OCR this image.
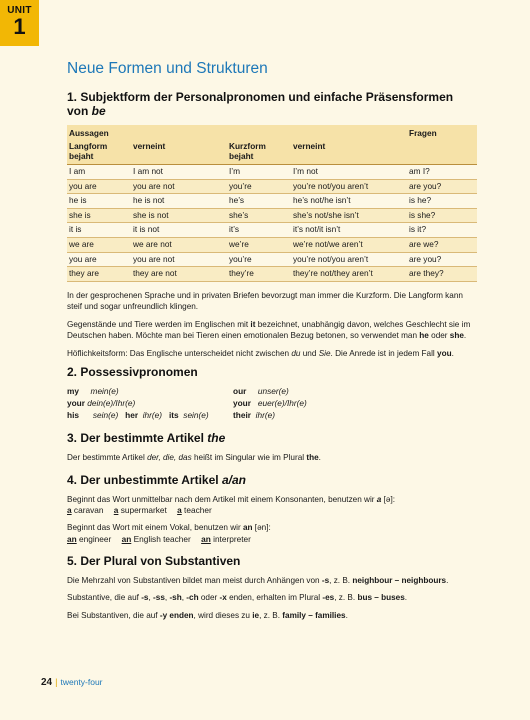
UNIT
1
Neue Formen und Strukturen
1. Subjektform der Personalpronomen und einfache Präsensformen von be
Aussagen				Fragen
Langform bejaht	verneint	Kurzform bejaht	verneint	
I am	I am not	I’m	I’m not	am I?
you are	you are not	you’re	you’re not/you aren’t	are you?
he is	he is not	he’s	he’s not/he isn’t	is he?
she is	she is not	she’s	she’s not/she isn’t	is she?
it is	it is not	it’s	it’s not/it isn’t	is it?
we are	we are not	we’re	we’re not/we aren’t	are we?
you are	you are not	you’re	you’re not/you aren’t	are you?
they are	they are not	they’re	they’re not/they aren’t	are they?

In der gesprochenen Sprache und in privaten Briefen bevorzugt man immer die Kurzform. Die Langform kann steif und sogar unfreundlich klingen.

Gegenstände und Tiere werden im Englischen mit it bezeichnet, unabhängig davon, welches Geschlecht sie im Deutschen haben. Möchte man bei Tieren einen emotionalen Bezug betonen, so verwendet man he oder she.

Höflichkeitsform: Das Englische unterscheidet nicht zwischen du und Sie. Die Anrede ist in jedem Fall you.

2. Possessivpronomen
my mein(e)
your dein(e)/Ihr(e)
his sein(e) her ihr(e) its sein(e)
our unser(e)
your euer(e)/Ihr(e)
their ihr(e)
3. Der bestimmte Artikel the

Der bestimmte Artikel der, die, das heißt im Singular wie im Plural the.

4. Der unbestimmte Artikel a/an

Beginnt das Wort unmittelbar nach dem Artikel mit einem Konsonanten, benutzen wir a [ə]:

a caravan a supermarket a teacher

Beginnt das Wort mit einem Vokal, benutzen wir an [ən]:

an engineer an English teacher an interpreter
5. Der Plural von Substantiven

Die Mehrzahl von Substantiven bildet man meist durch Anhängen von -s, z. B. neighbour – neighbours.

Substantive, die auf -s, -ss, -sh, -ch oder -x enden, erhalten im Plural -es, z. B. bus – buses.

Bei Substantiven, die auf -y enden, wird dieses zu ie, z. B. family – families.

24 | twenty-four
